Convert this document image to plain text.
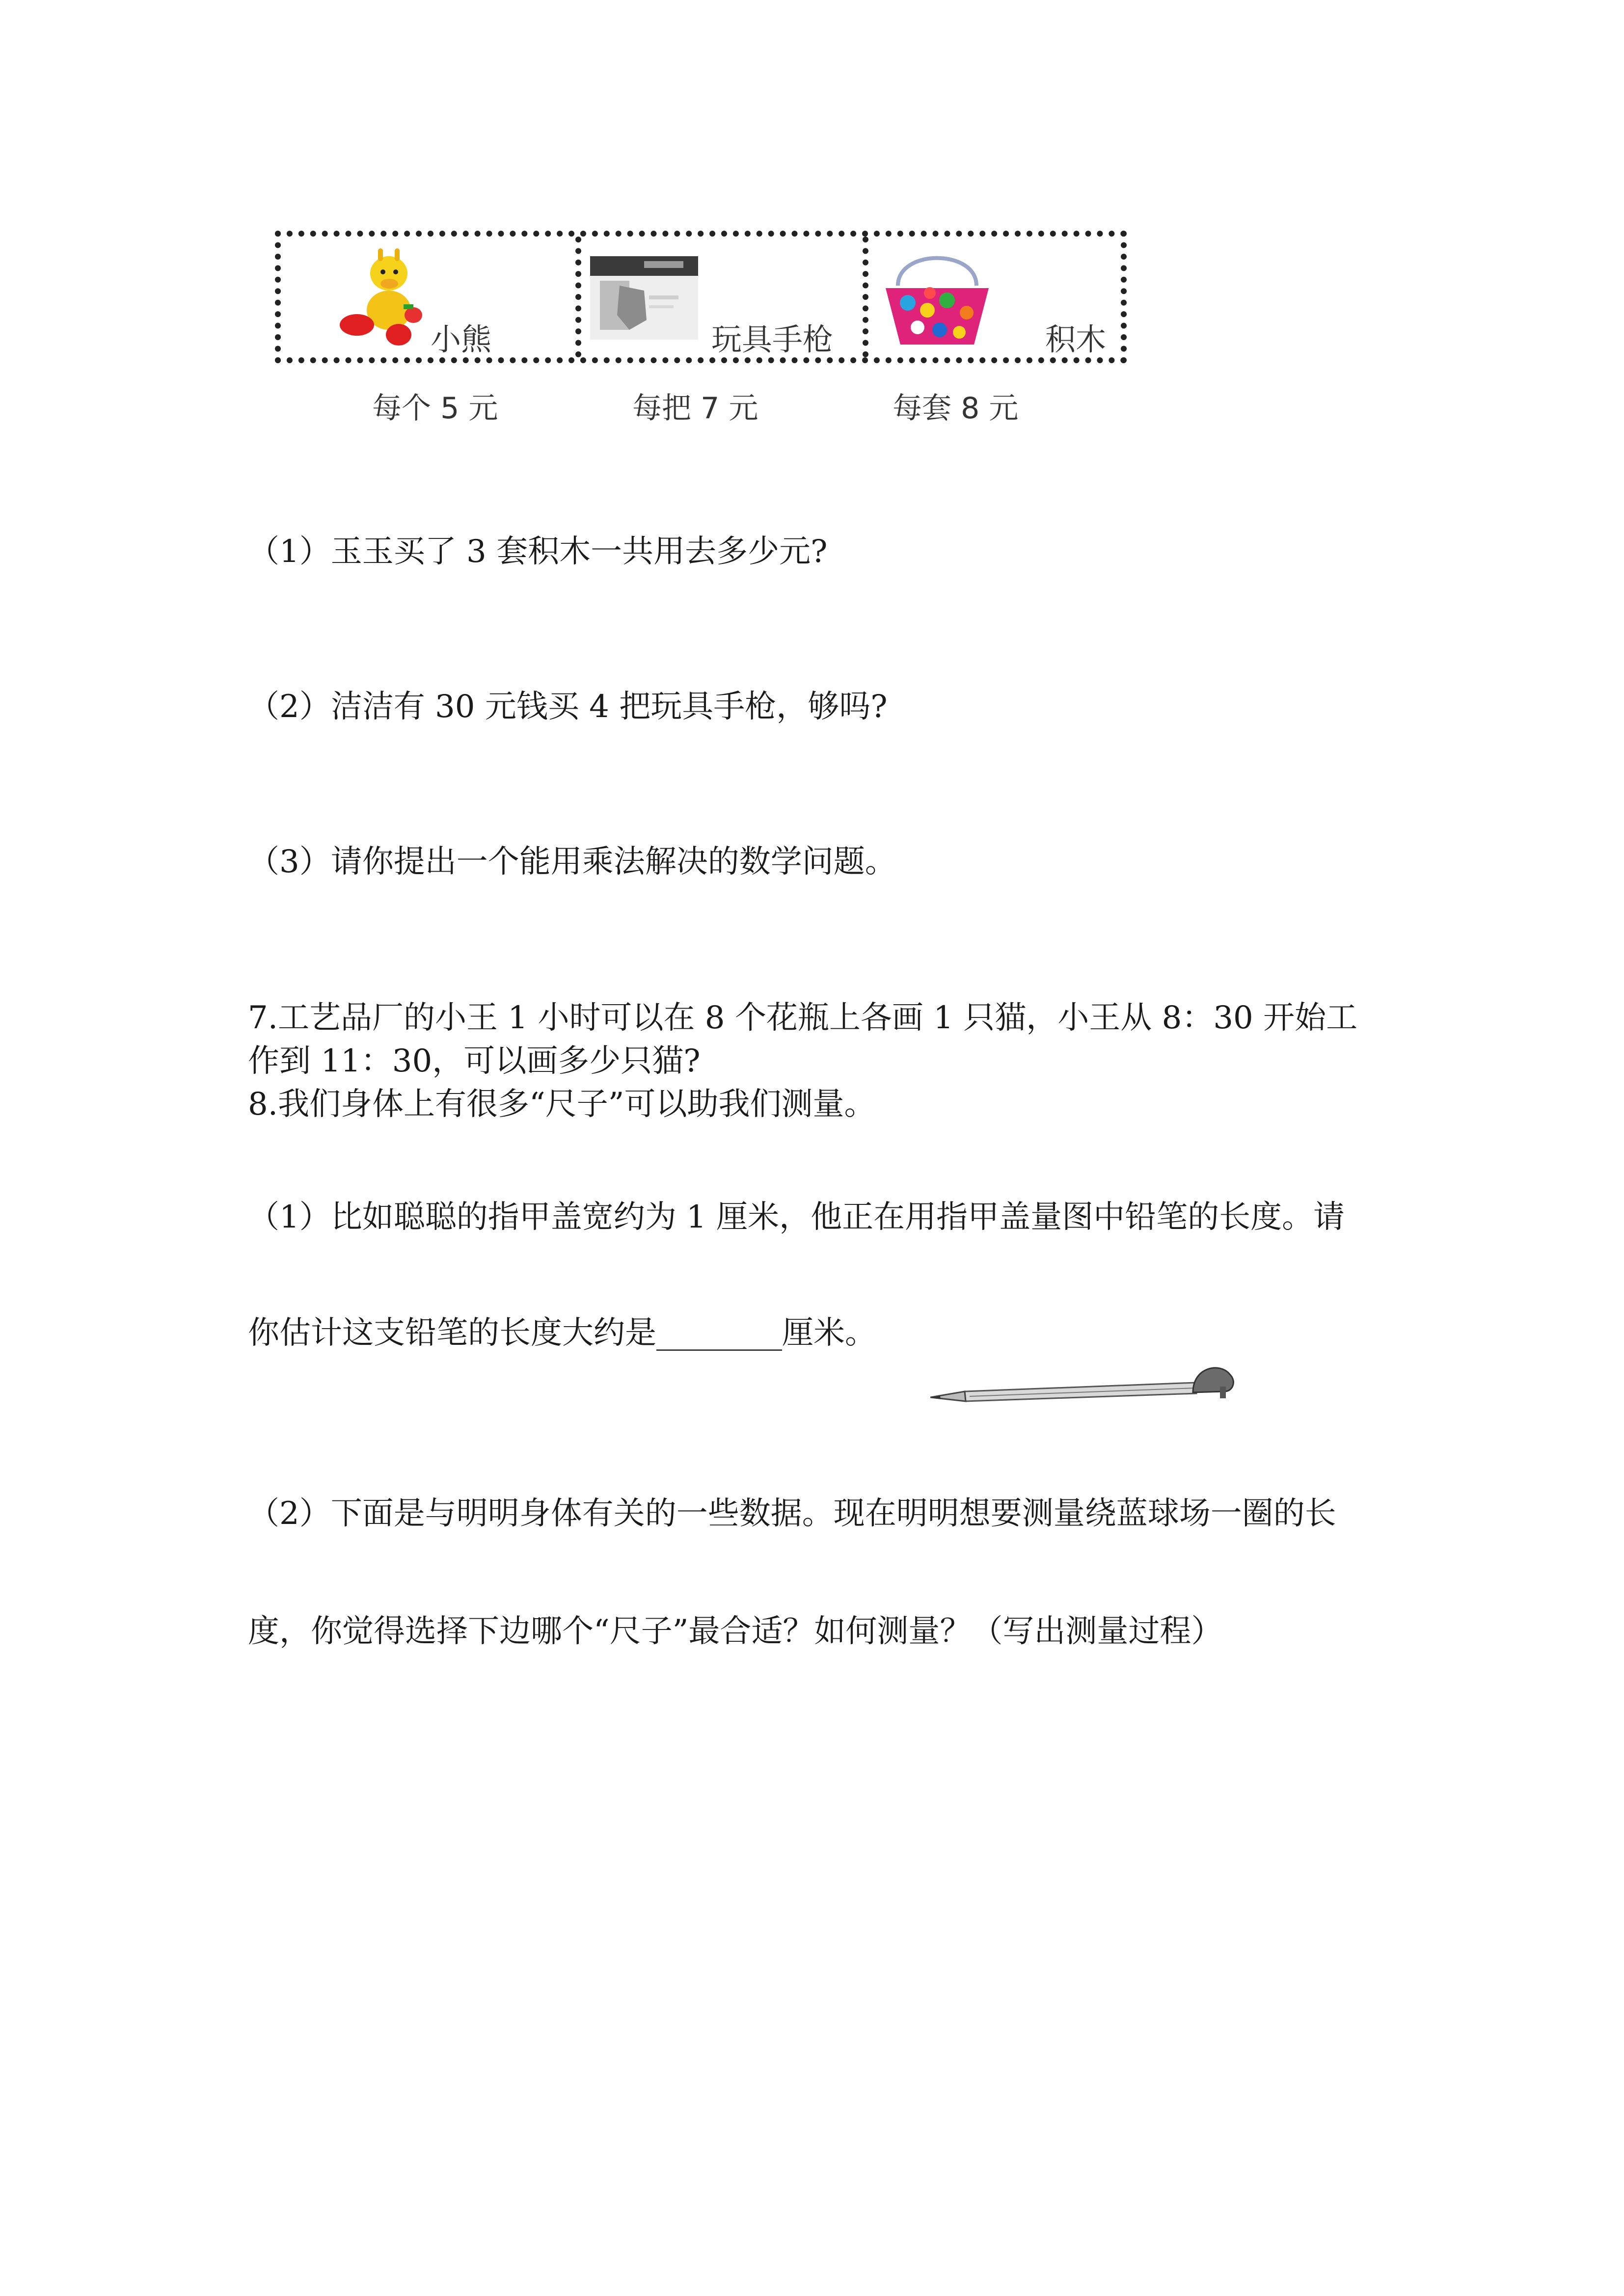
小熊	玩具手枪	积木
每个 5 元	每把 7 元	每套 8 元
（1）玉玉买了 3 套积木一共用去多少元?
（2）洁洁有 30 元钱买 4 把玩具手枪，够吗?
（3）请你提出一个能用乘法解决的数学问题。
7.工艺品厂的小王 1 小时可以在 8 个花瓶上各画 1 只猫，小王从 8：30 开始工
作到 11：30，可以画多少只猫?
8.我们身体上有很多“尺子”可以助我们测量。
（1）比如聪聪的指甲盖宽约为 1 厘米，他正在用指甲盖量图中铅笔的长度。请
你估计这支铅笔的长度大约是________厘米。
（2）下面是与明明身体有关的一些数据。现在明明想要测量绕蓝球场一圈的长
度，你觉得选择下边哪个“尺子”最合适？如何测量？（写出测量过程）
